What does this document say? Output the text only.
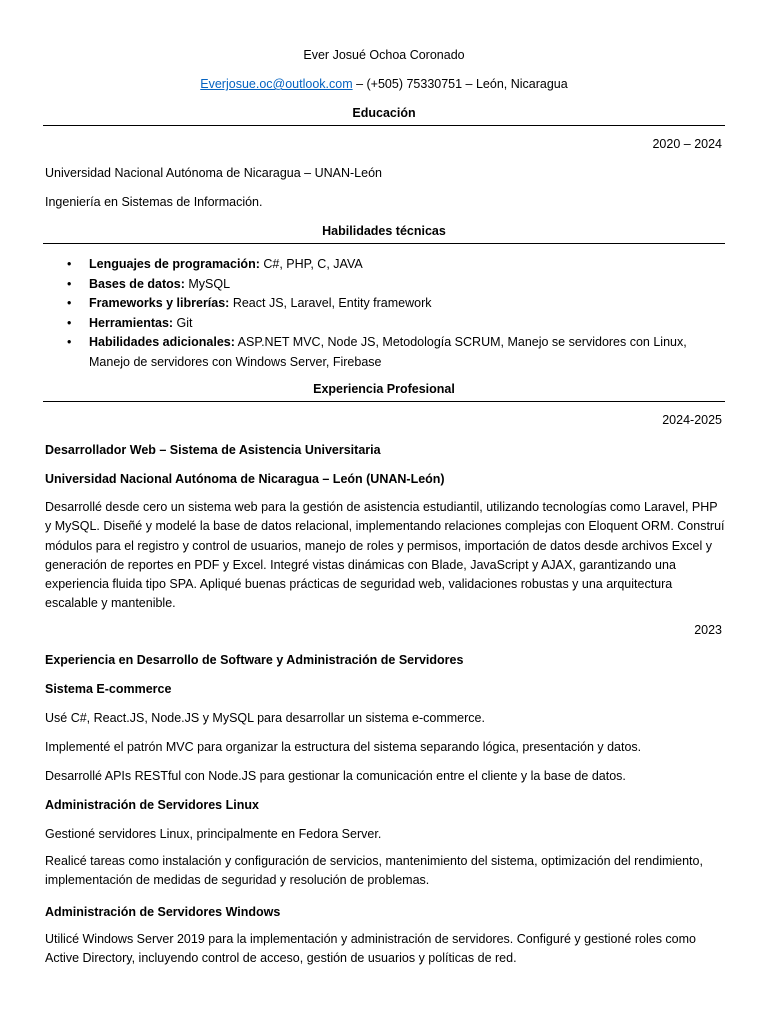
Ever Josué Ochoa Coronado
Everjosue.oc@outlook.com – (+505) 75330751 – León, Nicaragua
Educación
2020 – 2024
Universidad Nacional Autónoma de Nicaragua – UNAN-León
Ingeniería en Sistemas de Información.
Habilidades técnicas
• Lenguajes de programación: C#, PHP, C, JAVA
• Bases de datos: MySQL
• Frameworks y librerías: React JS, Laravel, Entity framework
• Herramientas: Git
• Habilidades adicionales: ASP.NET MVC, Node JS, Metodología SCRUM, Manejo se servidores con Linux, Manejo de servidores con Windows Server, Firebase
Experiencia Profesional
2024-2025
Desarrollador Web – Sistema de Asistencia Universitaria
Universidad Nacional Autónoma de Nicaragua – León (UNAN-León)
Desarrollé desde cero un sistema web para la gestión de asistencia estudiantil, utilizando tecnologías como Laravel, PHP y MySQL. Diseñé y modelé la base de datos relacional, implementando relaciones complejas con Eloquent ORM. Construí módulos para el registro y control de usuarios, manejo de roles y permisos, importación de datos desde archivos Excel y generación de reportes en PDF y Excel. Integré vistas dinámicas con Blade, JavaScript y AJAX, garantizando una experiencia fluida tipo SPA. Apliqué buenas prácticas de seguridad web, validaciones robustas y una arquitectura escalable y mantenible.
2023
Experiencia en Desarrollo de Software y Administración de Servidores
Sistema E-commerce
Usé C#, React.JS, Node.JS y MySQL para desarrollar un sistema e-commerce.
Implementé el patrón MVC para organizar la estructura del sistema separando lógica, presentación y datos.
Desarrollé APIs RESTful con Node.JS para gestionar la comunicación entre el cliente y la base de datos.
Administración de Servidores Linux
Gestioné servidores Linux, principalmente en Fedora Server.
Realicé tareas como instalación y configuración de servicios, mantenimiento del sistema, optimización del rendimiento, implementación de medidas de seguridad y resolución de problemas.
Administración de Servidores Windows
Utilicé Windows Server 2019 para la implementación y administración de servidores. Configuré y gestioné roles como Active Directory, incluyendo control de acceso, gestión de usuarios y políticas de red.
